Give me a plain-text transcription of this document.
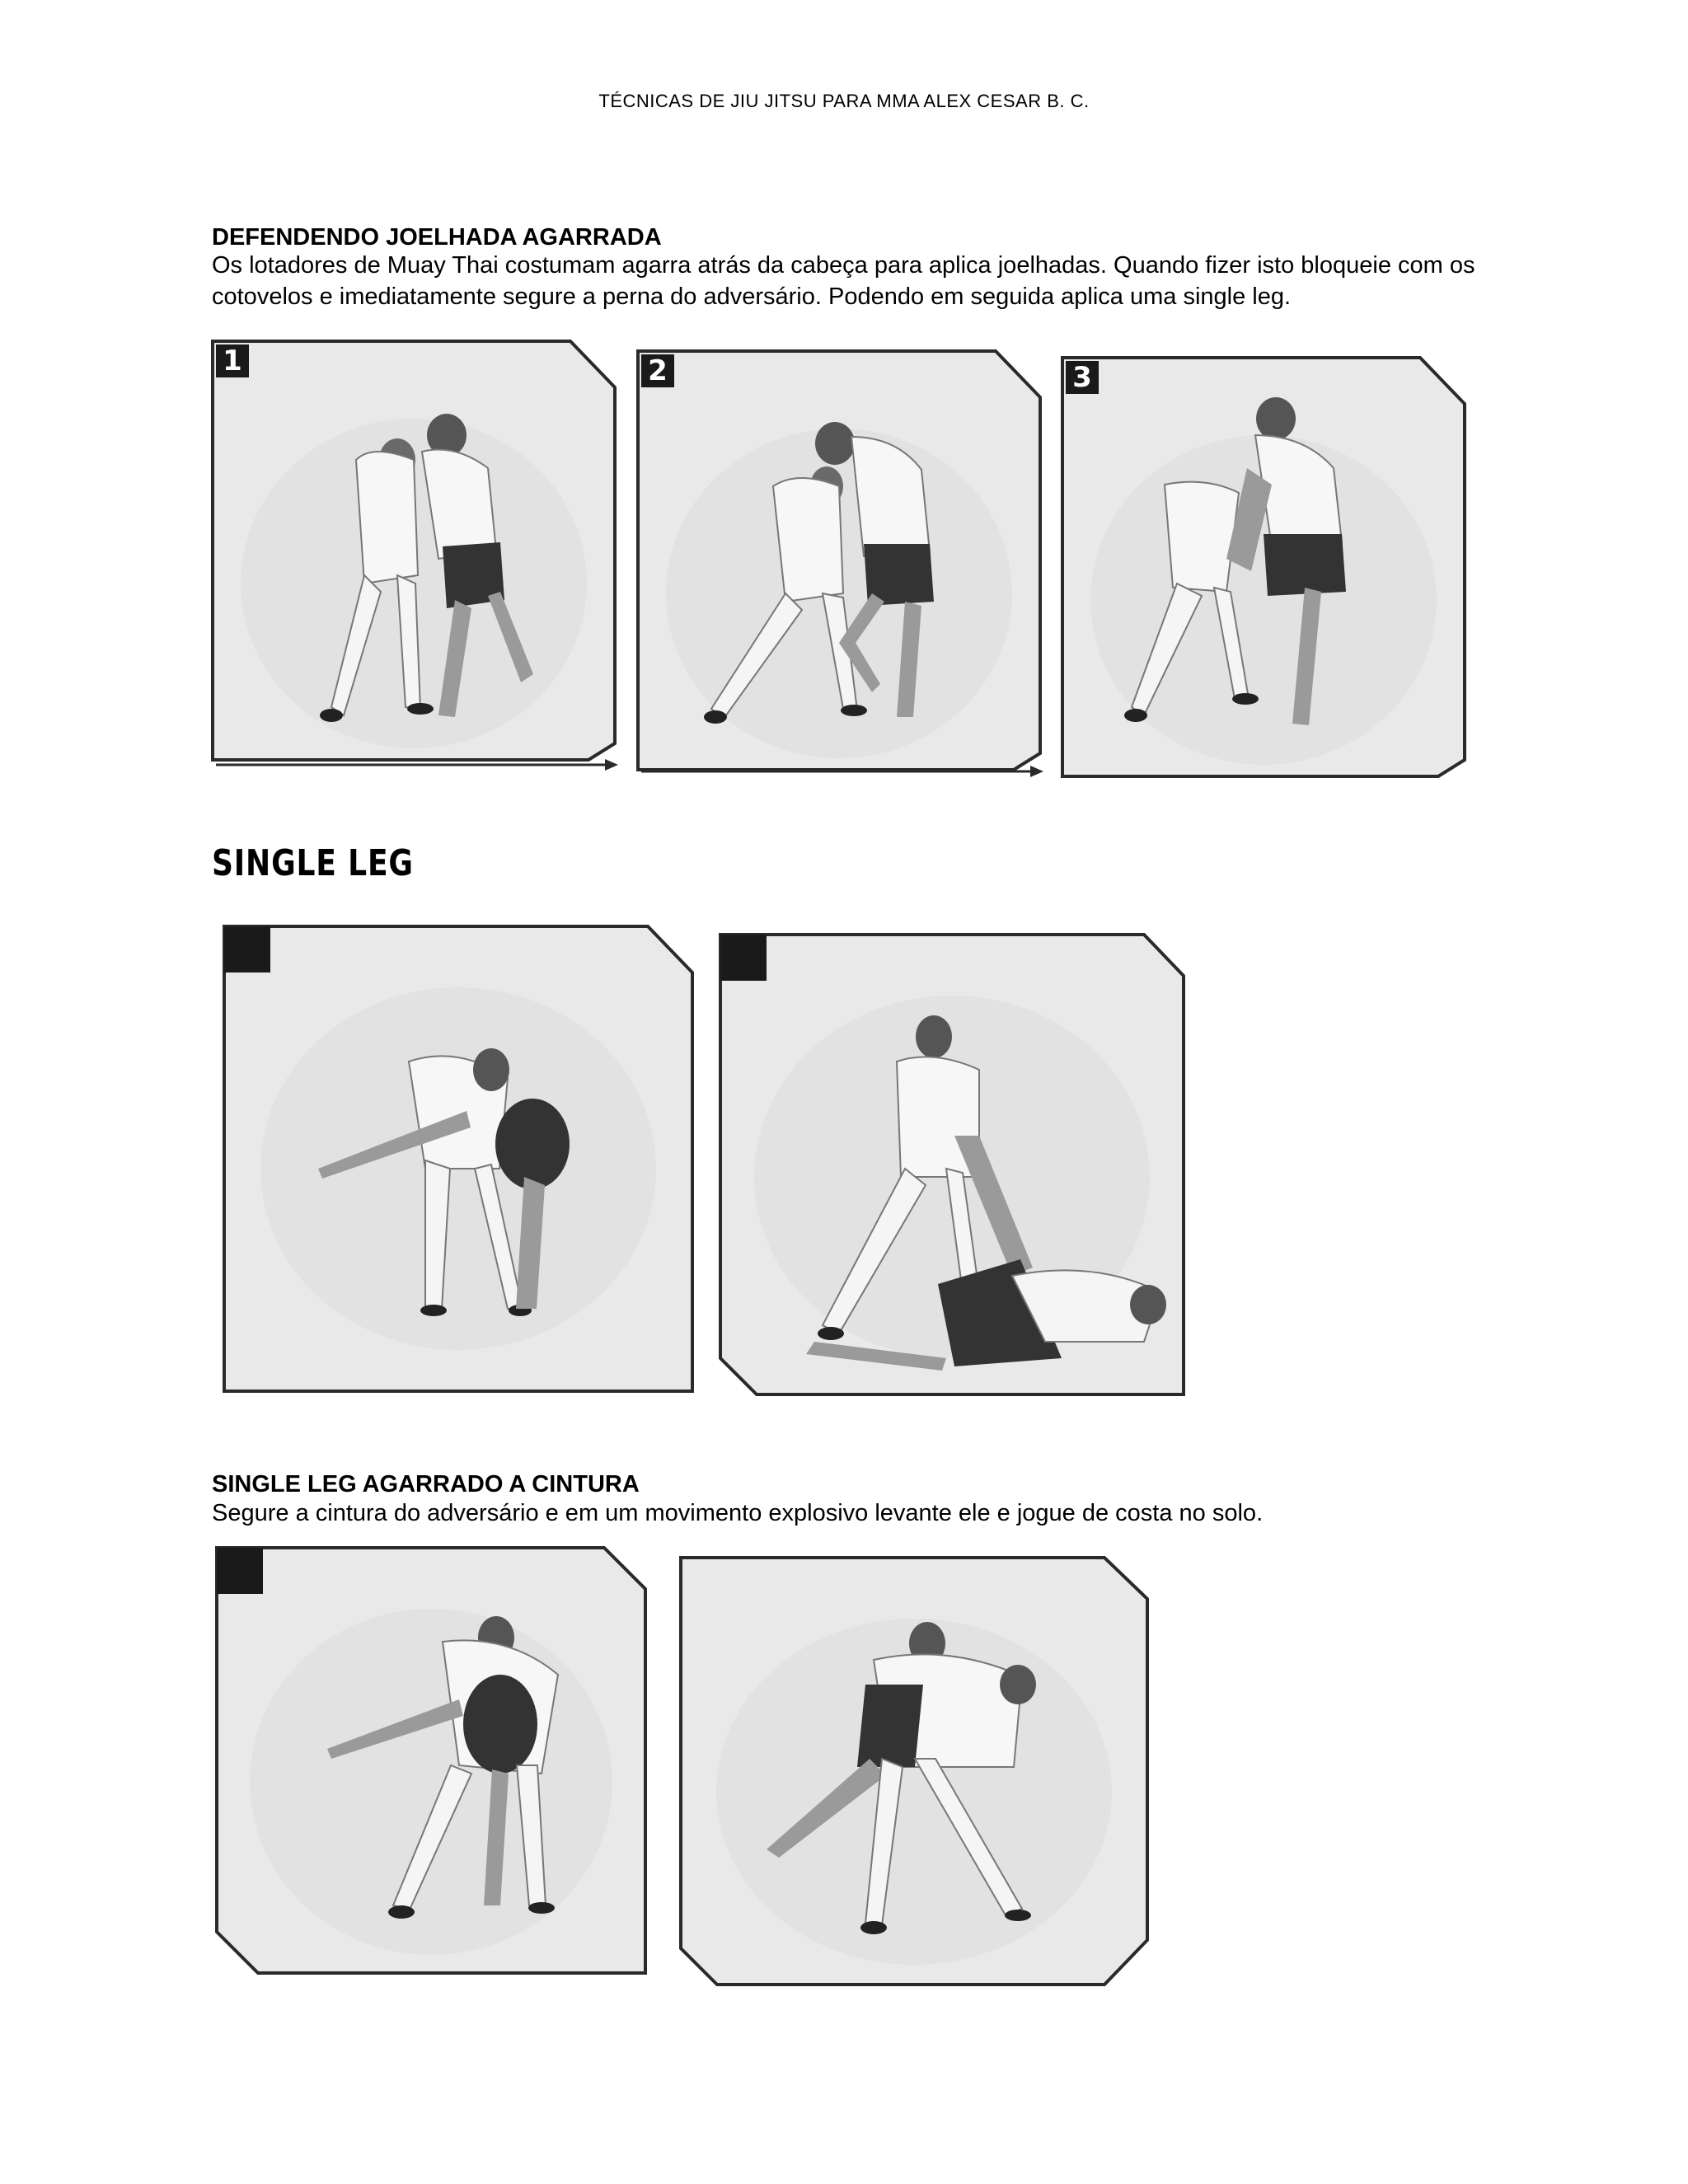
TÉCNICAS DE JIU JITSU PARA MMA ALEX CESAR B. C.
DEFENDENDO JOELHADA AGARRADA

Os lotadores de Muay Thai costumam agarra atrás da cabeça para aplica joelhadas. Quando fizer isto bloqueie com os cotovelos e imediatamente segure a perna do adversário. Podendo em seguida aplica uma single leg.

1	2	3
SINGLE LEG
SINGLE LEG AGARRADO A CINTURA

Segure a cintura do adversário e em um movimento explosivo levante ele e jogue de costa no solo.
